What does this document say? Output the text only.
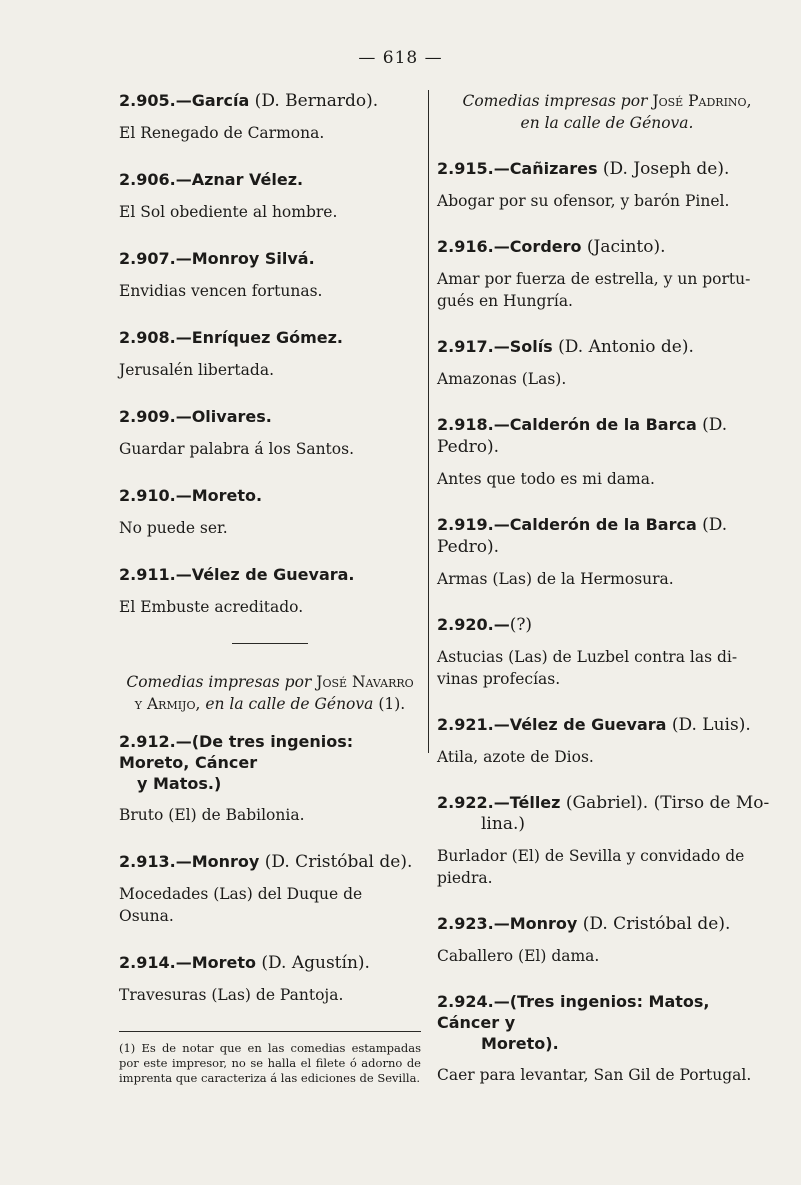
— 618 —

2.905.—García (D. Bernardo).

El Renegado de Carmona.

2.906.—Aznar Vélez.

El Sol obediente al hombre.

2.907.—Monroy Silvá.

Envidias vencen fortunas.

2.908.—Enríquez Gómez.

Jerusalén libertada.

2.909.—Olivares.

Guardar palabra á los Santos.

2.910.—Moreto.

No puede ser.

2.911.—Vélez de Guevara.

El Embuste acreditado.

Comedias impresas por José Navarro
y Armijo, en la calle de Génova (1).

2.912.—(De tres ingenios: Moreto, Cáncer
y Matos.)

Bruto (El) de Babilonia.

2.913.—Monroy (D. Cristóbal de).

Mocedades (Las) del Duque de Osuna.

2.914.—Moreto (D. Agustín).

Travesuras (Las) de Pantoja.

(1) Es de notar que en las comedias estampadas por este impresor, no se halla el filete ó adorno de imprenta que caracteriza á las ediciones de Sevilla.

Comedias impresas por José Padrino,
en la calle de Génova.

2.915.—Cañizares (D. Joseph de).

Abogar por su ofensor, y barón Pinel.

2.916.—Cordero (Jacinto).

Amar por fuerza de estrella, y un portu-
gués en Hungría.

2.917.—Solís (D. Antonio de).

Amazonas (Las).

2.918.—Calderón de la Barca (D. Pedro).

Antes que todo es mi dama.

2.919.—Calderón de la Barca (D. Pedro).

Armas (Las) de la Hermosura.

2.920.—(?)

Astucias (Las) de Luzbel contra las di-
vinas profecías.

2.921.—Vélez de Guevara (D. Luis).

Atila, azote de Dios.

2.922.—Téllez (Gabriel). (Tirso de Mo-
lina.)

Burlador (El) de Sevilla y convidado de
piedra.

2.923.—Monroy (D. Cristóbal de).

Caballero (El) dama.

2.924.—(Tres ingenios: Matos, Cáncer y
Moreto).

Caer para levantar, San Gil de Portugal.
